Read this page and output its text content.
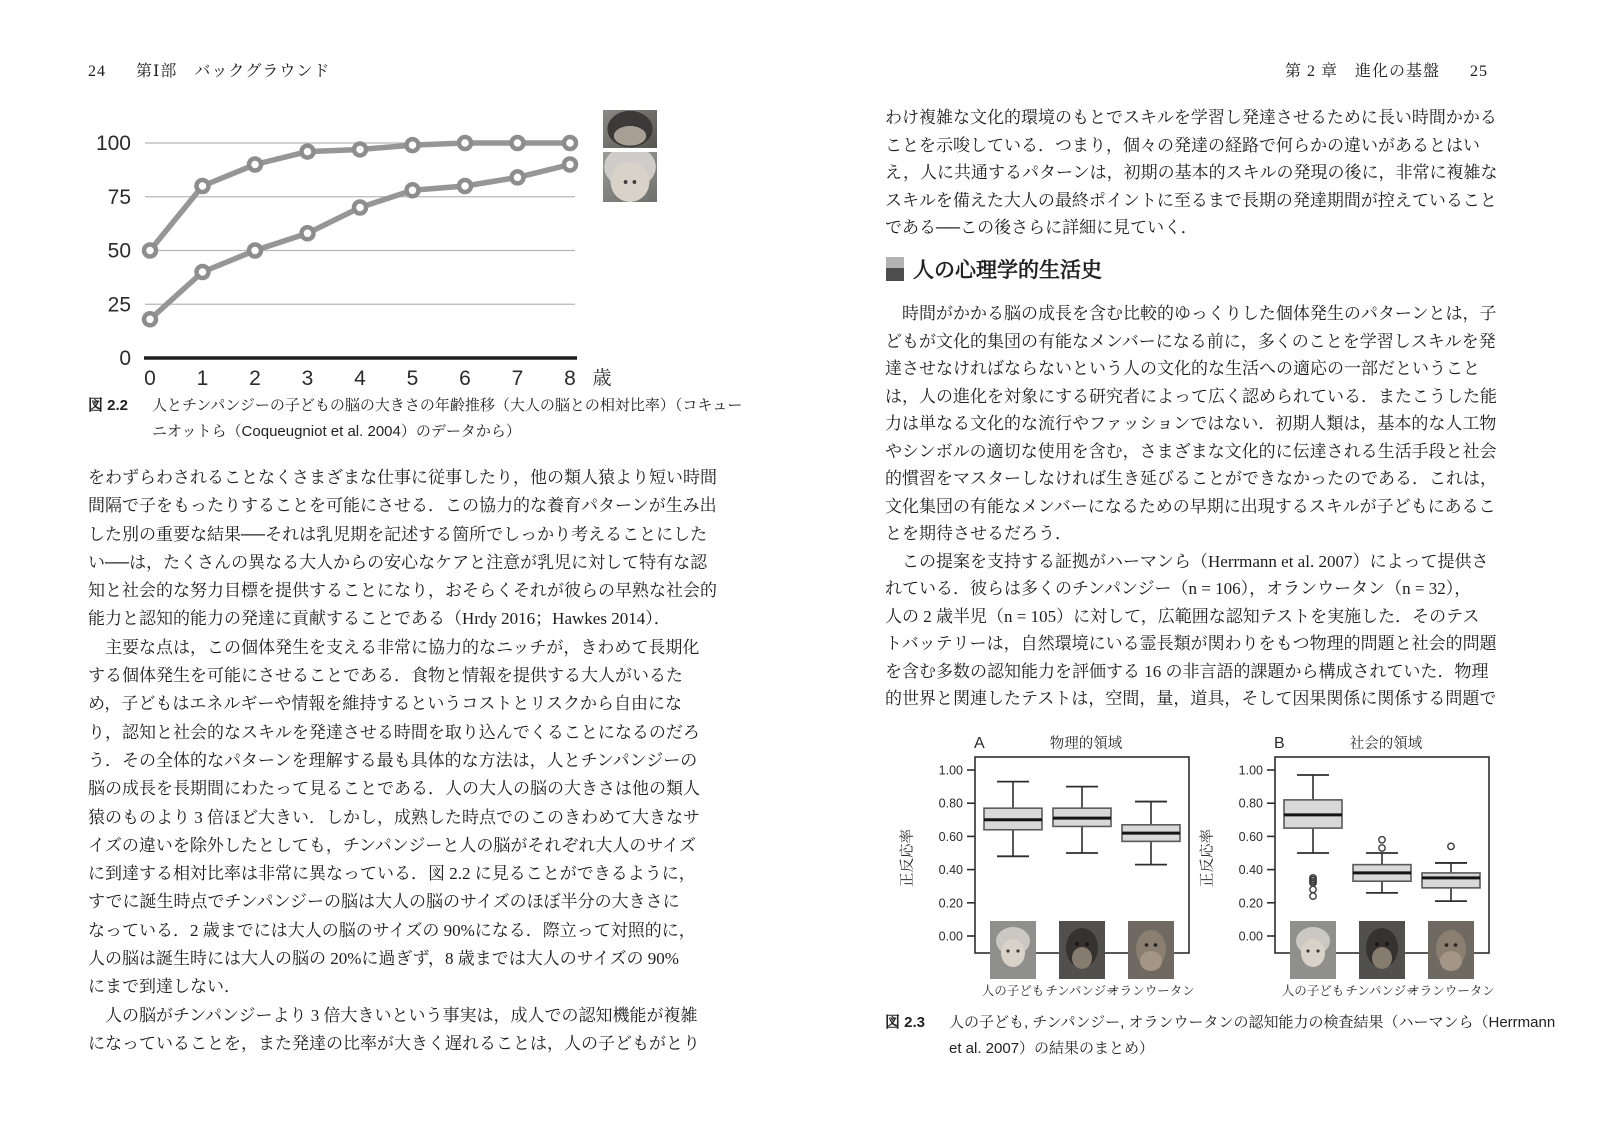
24 第Ⅰ部　バックグラウンド
0
25
50
75
100
0 1 2 3 4 5 6 7 8 歳
図 2.2	人とチンパンジーの子どもの脳の大きさの年齢推移（大人の脳との相対比率）（コキュー
ニオットら（Coqueugniot et al. 2004）のデータから）
をわずらわされることなくさまざまな仕事に従事したり，他の類人猿より短い時間
間隔で子をもったりすることを可能にさせる．この協力的な養育パターンが生み出
した別の重要な結果──それは乳児期を記述する箇所でしっかり考えることにした
い──は，たくさんの異なる大人からの安心なケアと注意が乳児に対して特有な認
知と社会的な努力目標を提供することになり，おそらくそれが彼らの早熟な社会的
能力と認知的能力の発達に貢献することである（Hrdy 2016；Hawkes 2014）．
　主要な点は，この個体発生を支える非常に協力的なニッチが，きわめて長期化
する個体発生を可能にさせることである．食物と情報を提供する大人がいるた
め，子どもはエネルギーや情報を維持するというコストとリスクから自由にな
り，認知と社会的なスキルを発達させる時間を取り込んでくることになるのだろ
う．その全体的なパターンを理解する最も具体的な方法は，人とチンパンジーの
脳の成長を長期間にわたって見ることである．人の大人の脳の大きさは他の類人
猿のものより 3 倍ほど大きい．しかし，成熟した時点でのこのきわめて大きなサ
イズの違いを除外したとしても，チンパンジーと人の脳がそれぞれ大人のサイズ
に到達する相対比率は非常に異なっている．図 2.2 に見ることができるように，
すでに誕生時点でチンパンジーの脳は大人の脳のサイズのほぼ半分の大きさに
なっている．2 歳までには大人の脳のサイズの 90%になる．際立って対照的に，
人の脳は誕生時には大人の脳の 20%に過ぎず，8 歳までは大人のサイズの 90%
にまで到達しない．
　人の脳がチンパンジーより 3 倍大きいという事実は，成人での認知機能が複雑
になっていることを，また発達の比率が大きく遅れることは，人の子どもがとり
第 2 章　進化の基盤 25
わけ複雑な文化的環境のもとでスキルを学習し発達させるために長い時間かかる
ことを示唆している．つまり，個々の発達の経路で何らかの違いがあるとはい
え，人に共通するパターンは，初期の基本的スキルの発現の後に，非常に複雑な
スキルを備えた大人の最終ポイントに至るまで長期の発達期間が控えていること
である──この後さらに詳細に見ていく．
人の心理学的生活史
　時間がかかる脳の成長を含む比較的ゆっくりした個体発生のパターンとは，子
どもが文化的集団の有能なメンバーになる前に，多くのことを学習しスキルを発
達させなければならないという人の文化的な生活への適応の一部だということ
は，人の進化を対象にする研究者によって広く認められている．またこうした能
力は単なる文化的な流行やファッションではない．初期人類は，基本的な人工物
やシンボルの適切な使用を含む，さまざまな文化的に伝達される生活手段と社会
的慣習をマスターしなければ生き延びることができなかったのである．これは，
文化集団の有能なメンバーになるための早期に出現するスキルが子どもにあるこ
とを期待させるだろう．
　この提案を支持する証拠がハーマンら（Herrmann et al. 2007）によって提供さ
れている．彼らは多くのチンパンジー（n = 106），オランウータン（n = 32），
人の 2 歳半児（n = 105）に対して，広範囲な認知テストを実施した．そのテス
トバッテリーは，自然環境にいる霊長類が関わりをもつ物理的問題と社会的問題
を含む多数の認知能力を評価する 16 の非言語的課題から構成されていた．物理
的世界と関連したテストは，空間，量，道具，そして因果関係に関係する問題で
A	物理的領域
正反応率
1.00
0.80
0.60
0.40
0.20
0.00
人の子ども チンパンジー
オランウータン
B	社会的領域
正反応率
1.00
0.80
0.60
0.40
0.20
0.00
人の子ども チンパンジー
オランウータン
図 2.3	人の子ども, チンパンジー, オランウータンの認知能力の検査結果（ハーマンら（Herrmann
et al. 2007）の結果のまとめ）
